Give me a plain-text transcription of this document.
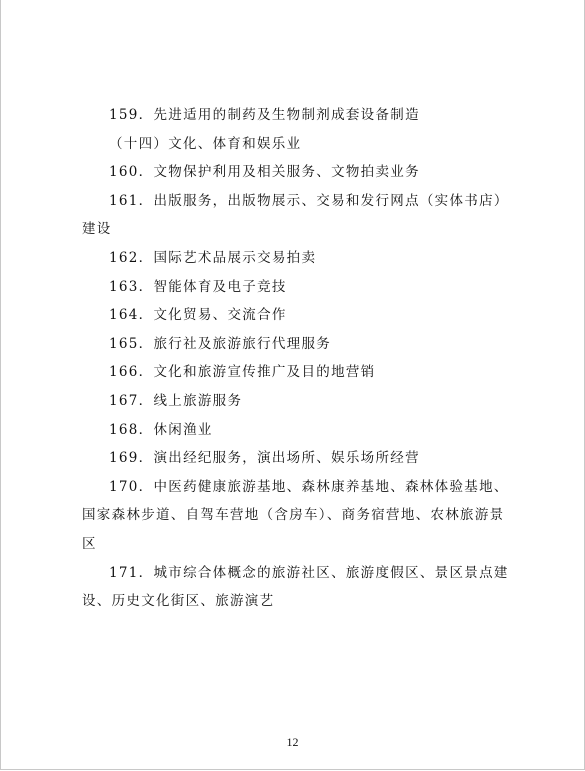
159．先进适用的制药及生物制剂成套设备制造
（十四）文化、体育和娱乐业
160．文物保护利用及相关服务、文物拍卖业务
161．出版服务，出版物展示、交易和发行网点（实体书店）
建设
162．国际艺术品展示交易拍卖
163．智能体育及电子竞技
164．文化贸易、交流合作
165．旅行社及旅游旅行代理服务
166．文化和旅游宣传推广及目的地营销
167．线上旅游服务
168．休闲渔业
169．演出经纪服务，演出场所、娱乐场所经营
170．中医药健康旅游基地、森林康养基地、森林体验基地、
国家森林步道、自驾车营地（含房车）、商务宿营地、农林旅游景
区
171．城市综合体概念的旅游社区、旅游度假区、景区景点建
设、历史文化街区、旅游演艺
12
